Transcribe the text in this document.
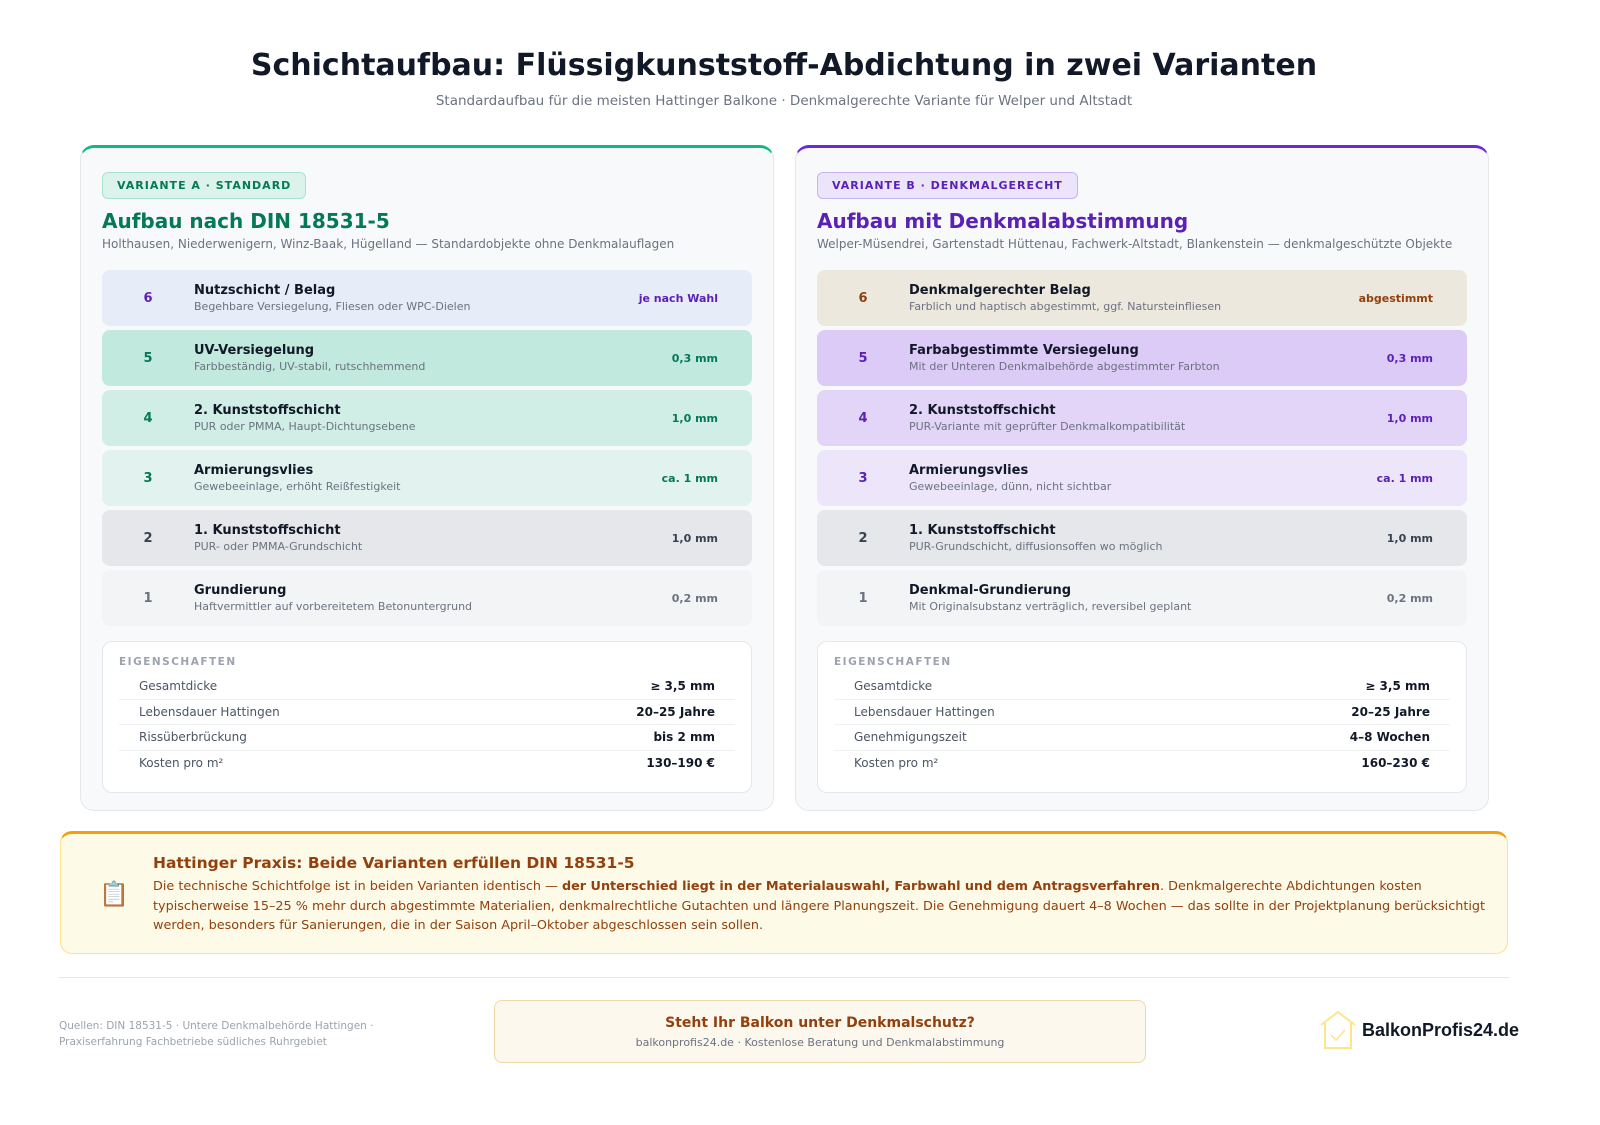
Schichtaufbau: Flüssigkunststoff-Abdichtung in zwei Varianten
Standardaufbau für die meisten Hattinger Balkone · Denkmalgerechte Variante für Welper und Altstadt
VARIANTE A · STANDARD
Aufbau nach DIN 18531-5
Holthausen, Niederwenigern, Winz-Baak, Hügelland — Standardobjekte ohne Denkmalauflagen
6	Nutzschicht / Belag
Begehbare Versiegelung, Fliesen oder WPC-Dielen
je nach Wahl
5	UV-Versiegelung
Farbbeständig, UV-stabil, rutschhemmend
0,3 mm
4	2. Kunststoffschicht
PUR oder PMMA, Haupt-Dichtungsebene
1,0 mm
3	Armierungsvlies
Gewebeeinlage, erhöht Reißfestigkeit
ca. 1 mm
2	1. Kunststoffschicht
PUR- oder PMMA-Grundschicht
1,0 mm
1	Grundierung
Haftvermittler auf vorbereitetem Betonuntergrund
0,2 mm
EIGENSCHAFTEN
Gesamtdicke	≥ 3,5 mm
Lebensdauer Hattingen	20–25 Jahre
Rissüberbrückung	bis 2 mm
Kosten pro m²	130–190 €
VARIANTE B · DENKMALGERECHT
Aufbau mit Denkmalabstimmung
Welper-Müsendrei, Gartenstadt Hüttenau, Fachwerk-Altstadt, Blankenstein — denkmalgeschützte Objekte
6	Denkmalgerechter Belag
Farblich und haptisch abgestimmt, ggf. Natursteinfliesen
abgestimmt
5	Farbabgestimmte Versiegelung
Mit der Unteren Denkmalbehörde abgestimmter Farbton
0,3 mm
4	2. Kunststoffschicht
PUR-Variante mit geprüfter Denkmalkompatibilität
1,0 mm
3	Armierungsvlies
Gewebeeinlage, dünn, nicht sichtbar
ca. 1 mm
2	1. Kunststoffschicht
PUR-Grundschicht, diffusionsoffen wo möglich
1,0 mm
1	Denkmal-Grundierung
Mit Originalsubstanz verträglich, reversibel geplant
0,2 mm
EIGENSCHAFTEN
Gesamtdicke	≥ 3,5 mm
Lebensdauer Hattingen	20–25 Jahre
Genehmigungszeit	4–8 Wochen
Kosten pro m²	160–230 €
📋
Hattinger Praxis: Beide Varianten erfüllen DIN 18531-5

Die technische Schichtfolge ist in beiden Varianten identisch — der Unterschied liegt in der Materialauswahl, Farbwahl und dem Antragsverfahren. Denkmalgerechte Abdichtungen kosten typischerweise 15–25 % mehr durch abgestimmte Materialien, denkmalrechtliche Gutachten und längere Planungszeit. Die Genehmigung dauert 4–8 Wochen — das sollte in der Projektplanung berücksichtigt werden, besonders für Sanierungen, die in der Saison April–Oktober abgeschlossen sein sollen.

Quellen: DIN 18531-5 · Untere Denkmalbehörde Hattingen · Praxiserfahrung Fachbetriebe südliches Ruhrgebiet
Steht Ihr Balkon unter Denkmalschutz?
balkonprofis24.de · Kostenlose Beratung und Denkmalabstimmung
BalkonProfis24.de
